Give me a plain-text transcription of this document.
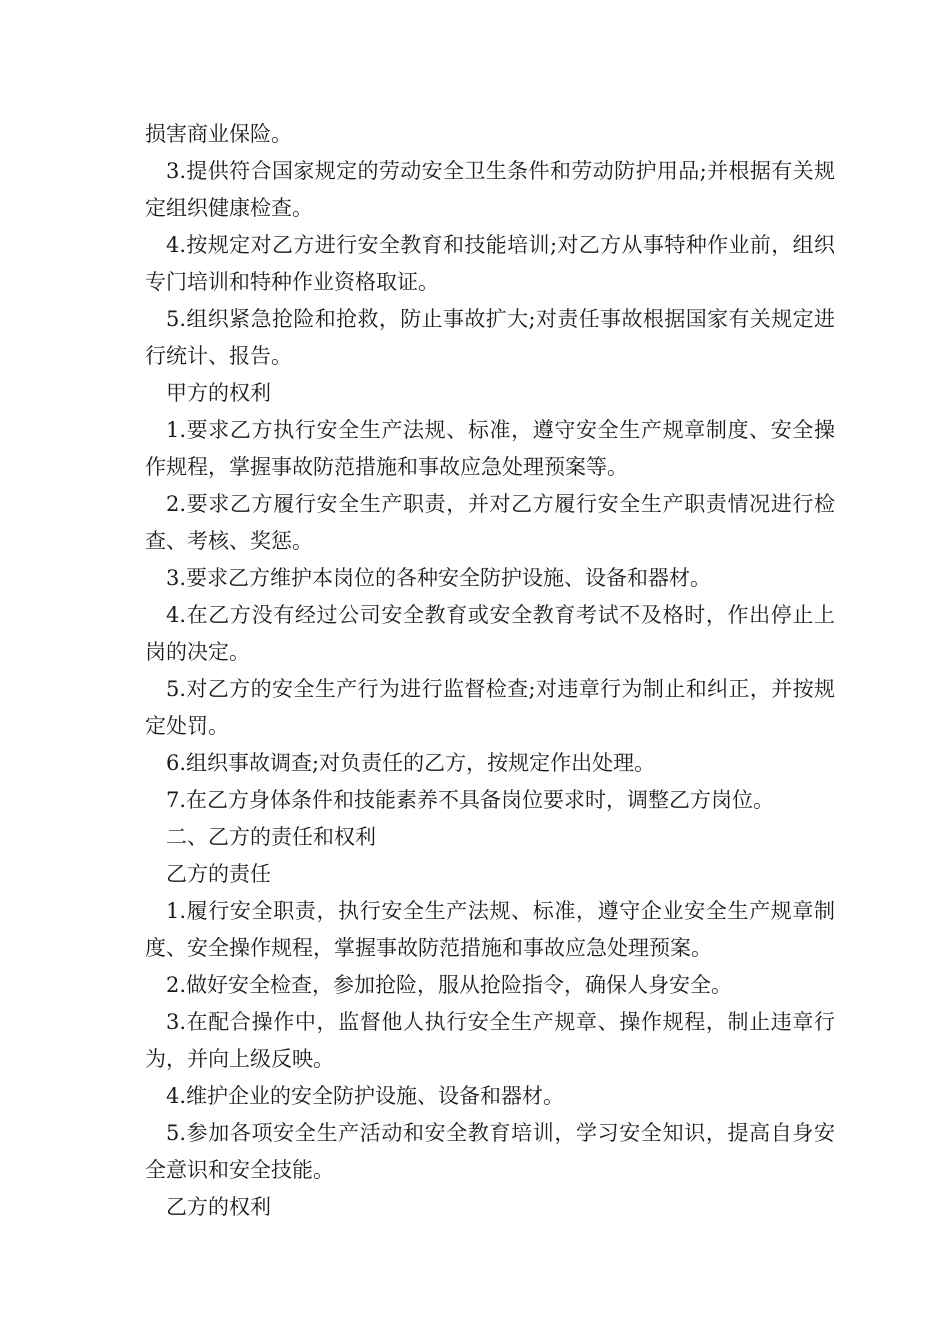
损害商业保险。

3.提供符合国家规定的劳动安全卫生条件和劳动防护用品;并根据有关规定组织健康检查。

4.按规定对乙方进行安全教育和技能培训;对乙方从事特种作业前，组织专门培训和特种作业资格取证。

5.组织紧急抢险和抢救，防止事故扩大;对责任事故根据国家有关规定进行统计、报告。

甲方的权利

1.要求乙方执行安全生产法规、标准，遵守安全生产规章制度、安全操作规程，掌握事故防范措施和事故应急处理预案等。

2.要求乙方履行安全生产职责，并对乙方履行安全生产职责情况进行检查、考核、奖惩。

3.要求乙方维护本岗位的各种安全防护设施、设备和器材。

4.在乙方没有经过公司安全教育或安全教育考试不及格时，作出停止上岗的决定。

5.对乙方的安全生产行为进行监督检查;对违章行为制止和纠正，并按规定处罚。

6.组织事故调查;对负责任的乙方，按规定作出处理。

7.在乙方身体条件和技能素养不具备岗位要求时，调整乙方岗位。

二、乙方的责任和权利

乙方的责任

1.履行安全职责，执行安全生产法规、标准，遵守企业安全生产规章制度、安全操作规程，掌握事故防范措施和事故应急处理预案。

2.做好安全检查，参加抢险，服从抢险指令，确保人身安全。

3.在配合操作中，监督他人执行安全生产规章、操作规程，制止违章行为，并向上级反映。

4.维护企业的安全防护设施、设备和器材。

5.参加各项安全生产活动和安全教育培训，学习安全知识，提高自身安全意识和安全技能。

乙方的权利
